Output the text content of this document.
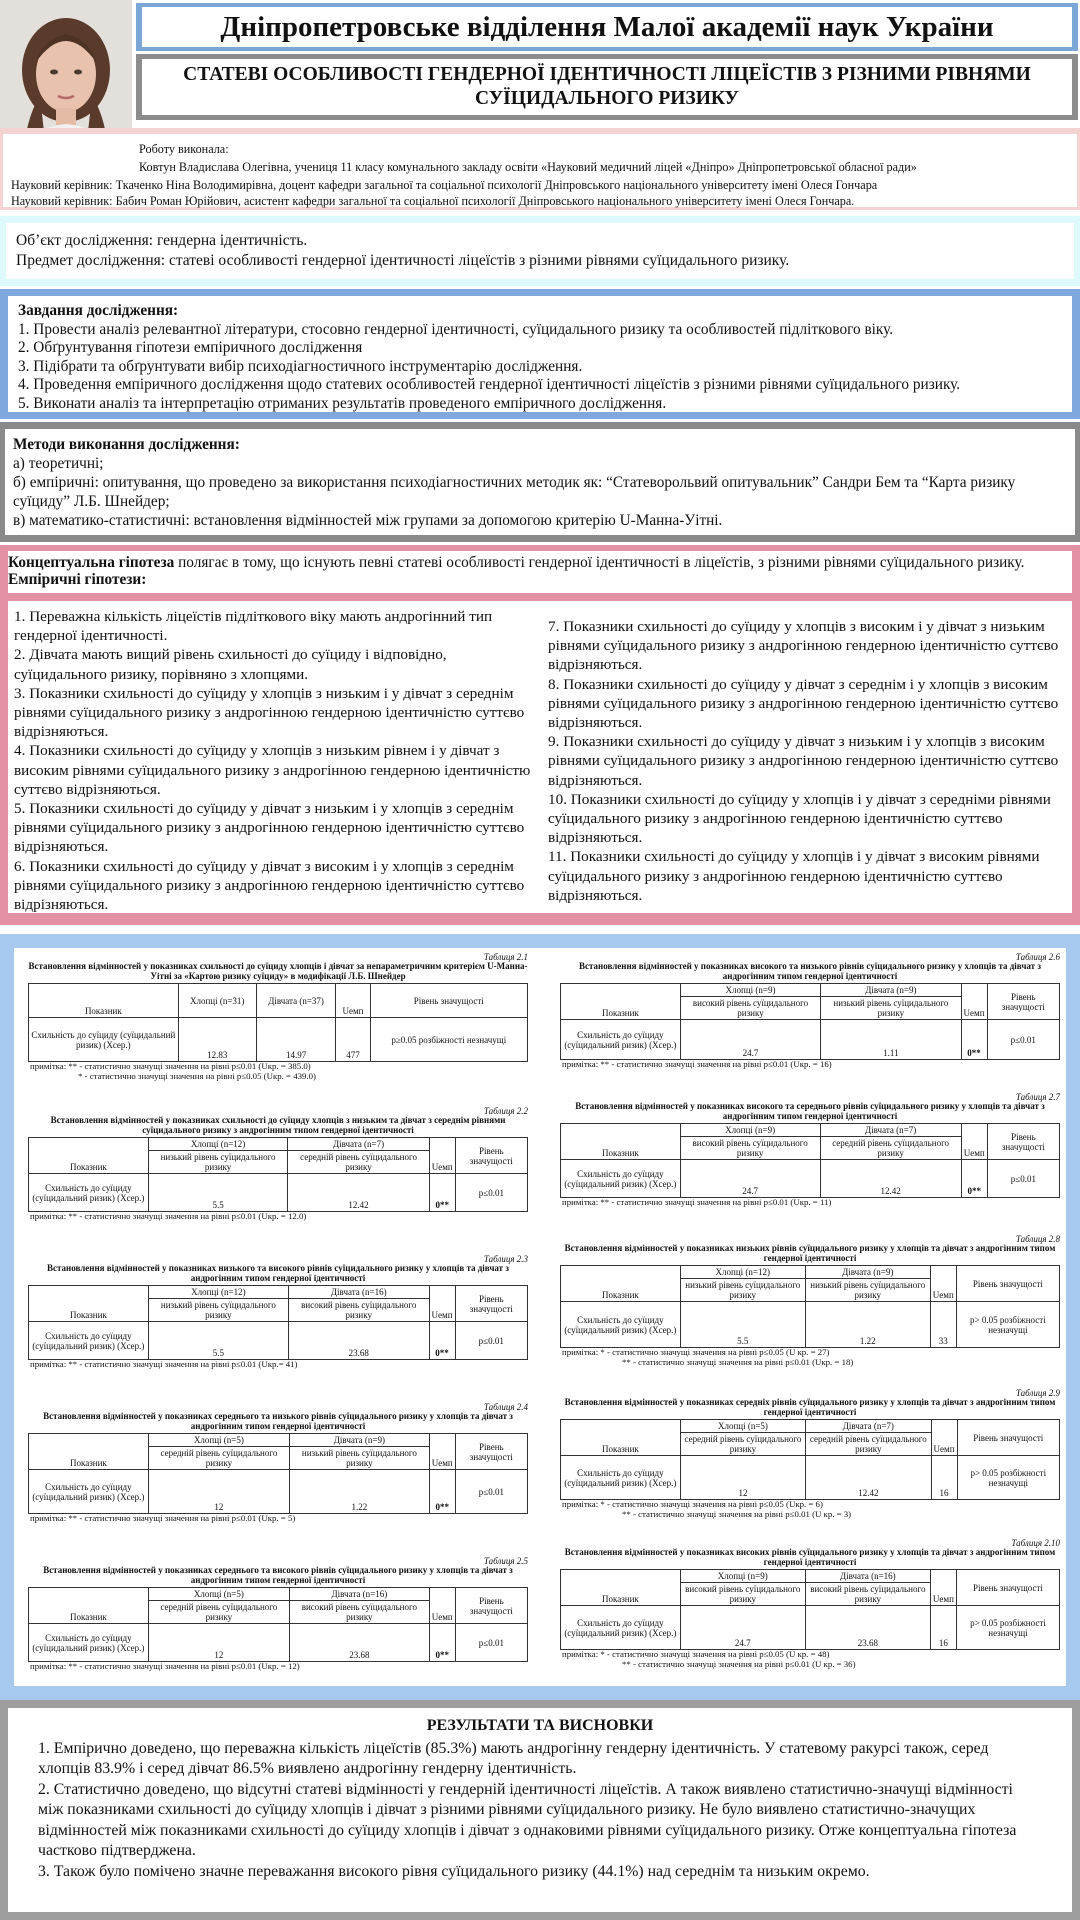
Дніпропетровське відділення Малої академії наук України
СТАТЕВІ ОСОБЛИВОСТІ ГЕНДЕРНОЇ ІДЕНТИЧНОСТІ ЛІЦЕЇСТІВ З РІЗНИМИ РІВНЯМИ СУЇЦИДАЛЬНОГО РИЗИКУ
Роботу виконала:
Ковтун Владислава Олегівна, учениця 11 класу комунального закладу освіти «Науковий медичний ліцей «Дніпро» Дніпропетровської обласної ради»
Науковий керівник: Ткаченко Ніна Володимирівна, доцент кафедри загальної та соціальної психології Дніпровського національного університету імені Олеся Гончара
Науковий керівник: Бабич Роман Юрійович, асистент кафедри загальної та соціальної психології Дніпровського національного університету імені Олеся Гончара.
Об’єкт дослідження: гендерна ідентичність.
Предмет дослідження: статеві особливості гендерної ідентичності ліцеїстів з різними рівнями суїцидального ризику.
Завдання дослідження:
1. Провести аналіз релевантної літератури, стосовно гендерної ідентичності, суїцидального ризику та особливостей підліткового віку.
2. Обґрунтування гіпотези емпіричного дослідження
3. Підібрати та обґрунтувати вибір психодіагностичного інструментарію дослідження.
4. Проведення емпіричного дослідження щодо статевих особливостей гендерної ідентичності ліцеїстів з різними рівнями суїцидального ризику.
5. Виконати аналіз та інтерпретацію отриманих результатів проведеного емпіричного дослідження.
Методи виконання дослідження:
а) теоретичні;
б) емпіричні: опитування, що проведено за використання психодіагностичних методик як: “Статеворольвий опитувальник” Сандри Бем та “Карта ризику суїциду” Л.Б. Шнейдер;
в) математико-статистичні: встановлення відмінностей між групами за допомогою критерію U-Манна-Уітні.
Концептуальна гіпотеза полягає в тому, що існують певні статеві особливості гендерної ідентичності в ліцеїстів, з різними рівнями суїцидального ризику.
Емпіричні гіпотези:
1. Переважна кількість ліцеїстів підліткового віку мають андрогінний тип гендерної ідентичності.
2. Дівчата мають вищий рівень схильності до суїциду і відповідно, суїцидального ризику, порівняно з хлопцями.
3. Показники схильності до суїциду у хлопців з низьким і у дівчат з середнім рівнями суїцидального ризику з андрогінною гендерною ідентичністю суттєво відрізняються.
4. Показники схильності до суїциду у хлопців з низьким рівнем і у дівчат з високим рівнями суїцидального ризику з андрогінною гендерною ідентичністю суттєво відрізняються.
5. Показники схильності до суїциду у дівчат з низьким і у хлопців з середнім рівнями суїцидального ризику з андрогінною гендерною ідентичністю суттєво відрізняються.
6. Показники схильності до суїциду у дівчат з високим і у хлопців з середнім рівнями суїцидального ризику з андрогінною гендерною ідентичністю суттєво відрізняються.
7. Показники схильності до суїциду у хлопців з високим і у дівчат з низьким рівнями суїцидального ризику з андрогінною гендерною ідентичністю суттєво відрізняються.
8. Показники схильності до суїциду у дівчат з середнім і у хлопців з високим рівнями суїцидального ризику з андрогінною гендерною ідентичністю суттєво відрізняються.
9. Показники схильності до суїциду у дівчат з низьким і у хлопців з високим рівнями суїцидального ризику з андрогінною гендерною ідентичністю суттєво відрізняються.
10. Показники схильності до суїциду у хлопців і у дівчат з середніми рівнями суїцидального ризику з андрогінною гендерною ідентичністю суттєво відрізняються.
11. Показники схильності до суїциду у хлопців і у дівчат з високим рівнями суїцидального ризику з андрогінною гендерною ідентичністю суттєво відрізняються.
Таблиця 2.1
Встановлення відмінностей у показниках схильності до суїциду хлопців і дівчат за непараметричним критерієм U-Манна-Уітні за «Картою ризику суїциду» в модифікації Л.Б. Шнейдер
Показник	Хлопці (n=31)	Дівчата (n=37)	Uемп	Рівень значущості
Схильність до суїциду (суїцидальний ризик) (Хсер.)	12.83	14.97	477	p≥0.05 розбіжності незначущі
примітка: ** - статистично значущі значення на рівні p≤0.01 (Uкр. = 385.0)
* - статистично значущі значення на рівні p≤0.05 (Uкр. = 439.0)
Таблиця 2.2
Встановлення відмінностей у показниках схильності до суїциду хлопців з низьким та дівчат з середнім рівнями суїцидального ризику з андрогінним типом гендерної ідентичності
Показник	Хлопці (n=12)	Дівчата (n=7)	Uемп	Рівень значущості
	низький рівень суїцидального ризику	середній рівень суїцидального ризику		
Схильність до суїциду (суїцидальний ризик) (Хсер.)	5.5	12.42	0**	p≤0.01
примітка: ** - статистично значущі значення на рівні p≤0.01 (Uкр. = 12.0)
Таблиця 2.3
Встановлення відмінностей у показниках низького та високого рівнів суїцидального ризику у хлопців та дівчат з андрогінним типом гендерної ідентичності
Показник	Хлопці (n=12)	Дівчата (n=16)	Uемп	Рівень значущості
	низький рівень суїцидального ризику	високий рівень суїцидального ризику		
Схильність до суїциду (суїцидальний ризик) (Хсер.)	5.5	23.68	0**	p≤0.01
примітка: ** - статистично значущі значення на рівні p≤0.01 (Uкр.= 41)
Таблиця 2.4
Встановлення відмінностей у показниках середнього та низького рівнів суїцидального ризику у хлопців та дівчат з андрогінним типом гендерної ідентичності
Показник	Хлопці (n=5)	Дівчата (n=9)	Uемп	Рівень значущості
	середній рівень суїцидального ризику	низький рівень суїцидального ризику		
Схильність до суїциду (суїцидальний ризик) (Хсер.)	12	1.22	0**	p≤0.01
примітка: ** - статистично значущі значення на рівні p≤0.01 (Uкр. = 5)
Таблиця 2.5
Встановлення відмінностей у показниках середнього та високого рівнів суїцидального ризику у хлопців та дівчат з андрогінним типом гендерної ідентичності
Показник	Хлопці (n=5)	Дівчата (n=16)	Uемп	Рівень значущості
	середній рівень суїцидального ризику	високий рівень суїцидального ризику		
Схильність до суїциду (суїцидальний ризик) (Хсер.)	12	23.68	0**	p≤0.01
примітка: ** - статистично значущі значення на рівні p≤0.01 (Uкр. = 12)
Таблиця 2.6
Встановлення відмінностей у показниках високого та низького рівнів суїцидального ризику у хлопців та дівчат з андрогінним типом гендерної ідентичності
Показник	Хлопці (n=9)	Дівчата (n=9)	Uемп	Рівень значущості
	високий рівень суїцидального ризику	низький рівень суїцидального ризику		
Схильність до суїциду (суїцидальний ризик) (Хсер.)	24.7	1.11	0**	p≤0.01
примітка: ** - статистично значущі значення на рівні p≤0.01 (Uкр. = 16)
Таблиця 2.7
Встановлення відмінностей у показниках високого та середнього рівнів суїцидального ризику у хлопців та дівчат з андрогінним типом гендерної ідентичності
Показник	Хлопці (n=9)	Дівчата (n=7)	Uемп	Рівень значущості
	високий рівень суїцидального ризику	середній рівень суїцидального ризику		
Схильність до суїциду (суїцидальний ризик) (Хсер.)	24.7	12.42	0**	p≤0.01
примітка: ** - статистично значущі значення на рівні p≤0.01 (Uкр. = 11)
Таблиця 2.8
Встановлення відмінностей у показниках низьких рівнів суїцидального ризику у хлопців та дівчат з андрогінним типом гендерної ідентичності
Показник	Хлопці (n=12)	Дівчата (n=9)	Uемп	Рівень значущості
	низький рівень суїцидального ризику	низький рівень суїцидального ризику		
Схильність до суїциду (суїцидальний ризик) (Хсер.)	5.5	1.22	33	p> 0.05 розбіжності незначущі
примітка: * - статистично значущі значення на рівні p≤0.05 (U кр. = 27)
** - статистично значущі значення на рівні p≤0.01 (Uкр. = 18)
Таблиця 2.9
Встановлення відмінностей у показниках середніх рівнів суїцидального ризику у хлопців та дівчат з андрогінним типом гендерної ідентичності
Показник	Хлопці (n=5)	Дівчата (n=7)	Uемп	Рівень значущості
	середній рівень суїцидального ризику	середній рівень суїцидального ризику		
Схильність до суїциду (суїцидальний ризик) (Хсер.)	12	12.42	16	p> 0.05 розбіжності незначущі
примітка: * - статистично значущі значення на рівні p≤0.05 (Uкр. = 6)
** - статистично значущі значення на рівні p≤0.01 (U кр. = 3)
Таблиця 2.10
Встановлення відмінностей у показниках високих рівнів суїцидального ризику у хлопців та дівчат з андрогінним типом гендерної ідентичності
Показник	Хлопці (n=9)	Дівчата (n=16)	Uемп	Рівень значущості
	високий рівень суїцидального ризику	високий рівень суїцидального ризику		
Схильність до суїциду (суїцидальний ризик) (Хсер.)	24.7	23.68	16	p> 0.05 розбіжності незначущі
примітка: * - статистично значущі значення на рівні p≤0.05 (U кр. = 48)
** - статистично значущі значення на рівні p≤0.01 (U кр. = 36)
РЕЗУЛЬТАТИ ТА ВИСНОВКИ
1. Емпірично доведено, що переважна кількість ліцеїстів (85.3%) мають андрогінну гендерну ідентичність. У статевому ракурсі також, серед хлопців 83.9% і серед дівчат 86.5% виявлено андрогінну гендерну ідентичність.
2. Статистично доведено, що відсутні статеві відмінності у гендерній ідентичності ліцеїстів. А також виявлено статистично-значущі відмінності між показниками схильності до суїциду хлопців і дівчат з різними рівнями суїцидального ризику. Не було виявлено статистично-значущих відмінностей між показниками схильності до суїциду хлопців і дівчат з однаковими рівнями суїцидального ризику. Отже концептуальна гіпотеза частково підтверджена.
3. Також було помічено значне переважання високого рівня суїцидального ризику (44.1%) над середнім та низьким окремо.
